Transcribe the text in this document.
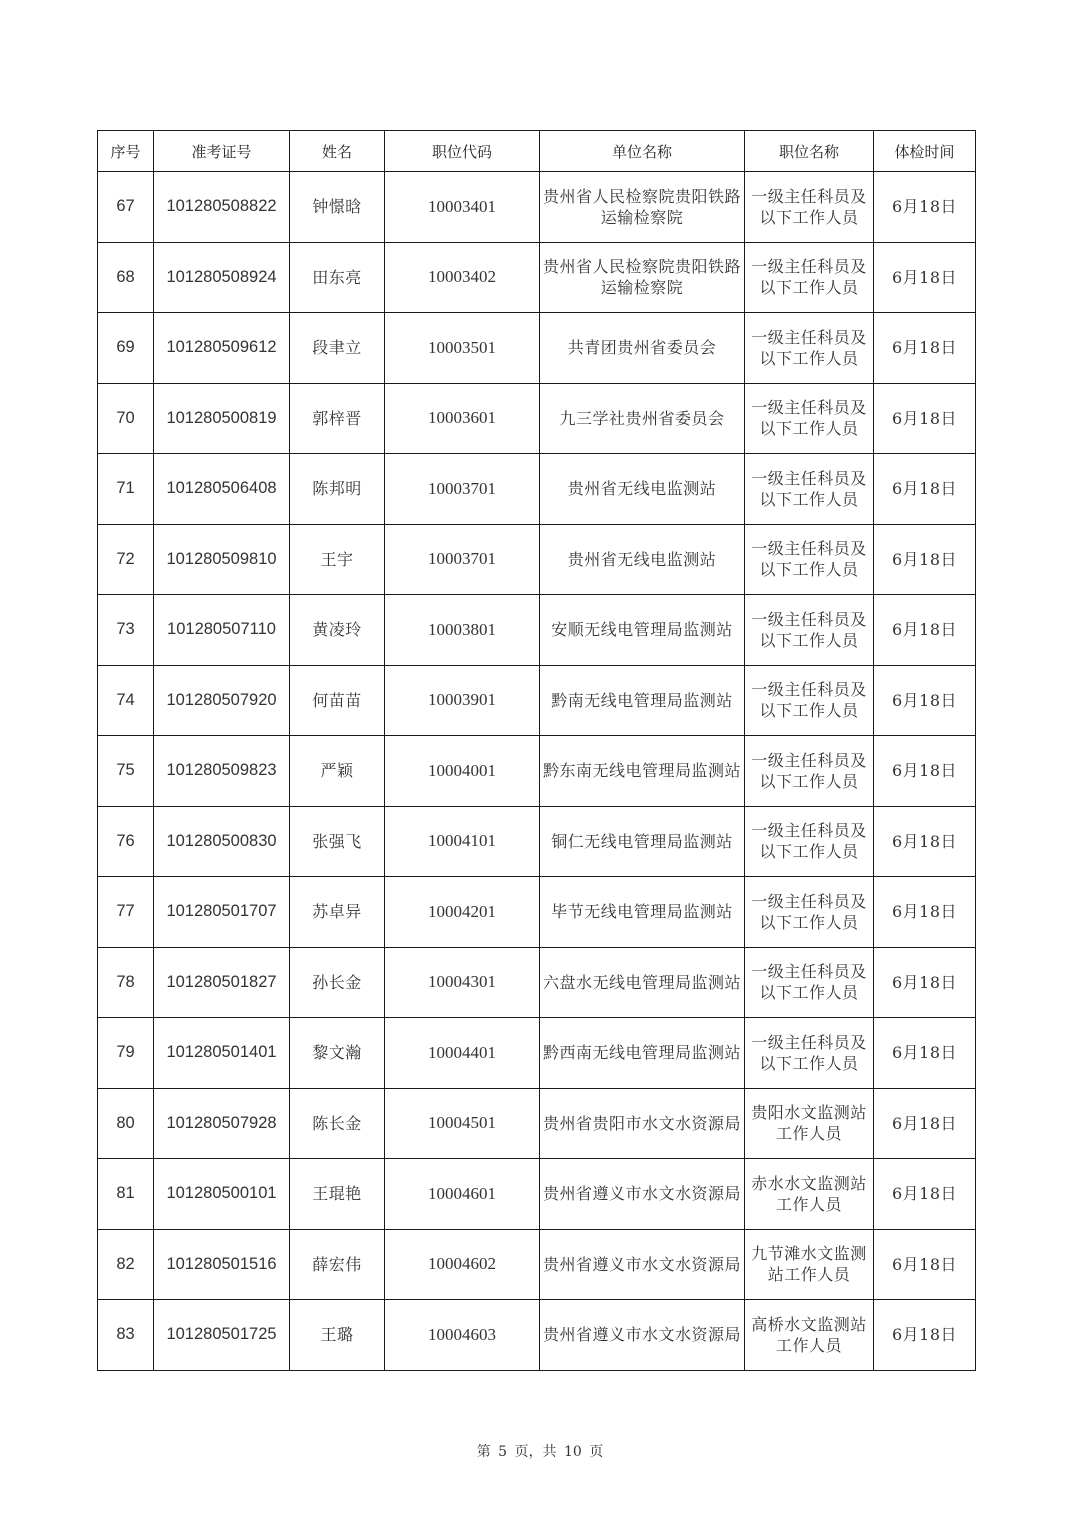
序号	准考证号	姓名	职位代码	单位名称	职位名称	体检时间
67	101280508822	钟憬晗	10003401	贵州省人民检察院贵阳铁路运输检察院	一级主任科员及以下工作人员	6月18日
68	101280508924	田东亮	10003402	贵州省人民检察院贵阳铁路运输检察院	一级主任科员及以下工作人员	6月18日
69	101280509612	段聿立	10003501	共青团贵州省委员会	一级主任科员及以下工作人员	6月18日
70	101280500819	郭梓晋	10003601	九三学社贵州省委员会	一级主任科员及以下工作人员	6月18日
71	101280506408	陈邦明	10003701	贵州省无线电监测站	一级主任科员及以下工作人员	6月18日
72	101280509810	王宇	10003701	贵州省无线电监测站	一级主任科员及以下工作人员	6月18日
73	101280507110	黄凌玲	10003801	安顺无线电管理局监测站	一级主任科员及以下工作人员	6月18日
74	101280507920	何苗苗	10003901	黔南无线电管理局监测站	一级主任科员及以下工作人员	6月18日
75	101280509823	严颖	10004001	黔东南无线电管理局监测站	一级主任科员及以下工作人员	6月18日
76	101280500830	张强飞	10004101	铜仁无线电管理局监测站	一级主任科员及以下工作人员	6月18日
77	101280501707	苏卓异	10004201	毕节无线电管理局监测站	一级主任科员及以下工作人员	6月18日
78	101280501827	孙长金	10004301	六盘水无线电管理局监测站	一级主任科员及以下工作人员	6月18日
79	101280501401	黎文瀚	10004401	黔西南无线电管理局监测站	一级主任科员及以下工作人员	6月18日
80	101280507928	陈长金	10004501	贵州省贵阳市水文水资源局	贵阳水文监测站工作人员	6月18日
81	101280500101	王琨艳	10004601	贵州省遵义市水文水资源局	赤水水文监测站工作人员	6月18日
82	101280501516	薛宏伟	10004602	贵州省遵义市水文水资源局	九节滩水文监测站工作人员	6月18日
83	101280501725	王璐	10004603	贵州省遵义市水文水资源局	高桥水文监测站工作人员	6月18日
第 5 页，共 10 页
